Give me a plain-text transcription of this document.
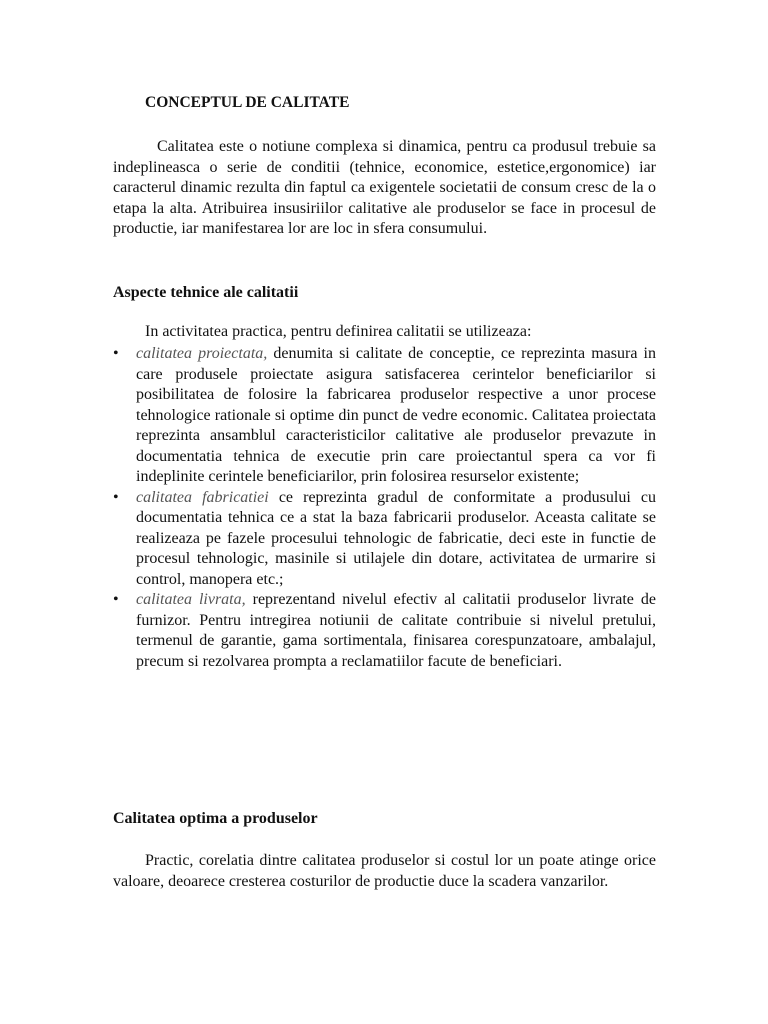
CONCEPTUL DE CALITATE

Calitatea este o notiune complexa si dinamica, pentru ca produsul trebuie sa indeplineasca o serie de conditii (tehnice, economice, estetice,ergonomice) iar caracterul dinamic rezulta din faptul ca exigentele societatii de consum cresc de la o etapa la alta. Atribuirea insusiriilor calitative ale produselor se face in procesul de productie, iar manifestarea lor are loc in sfera consumului.

Aspecte tehnice ale calitatii
In activitatea practica, pentru definirea calitatii se utilizeaza:
•
calitatea proiectata, denumita si calitate de conceptie, ce reprezinta masura in care produsele proiectate asigura satisfacerea cerintelor beneficiarilor si posibilitatea de folosire la fabricarea produselor respective a unor procese tehnologice rationale si optime din punct de vedre economic. Calitatea proiectata reprezinta ansamblul caracteristicilor calitative ale produselor prevazute in documentatia tehnica de executie prin care proiectantul spera ca vor fi indeplinite cerintele beneficiarilor, prin folosirea resurselor existente;
•
calitatea fabricatiei ce reprezinta gradul de conformitate a produsului cu documentatia tehnica ce a stat la baza fabricarii produselor. Aceasta calitate se realizeaza pe fazele procesului tehnologic de fabricatie, deci este in functie de procesul tehnologic, masinile si utilajele din dotare, activitatea de urmarire si control, manopera etc.;
•
calitatea livrata, reprezentand nivelul efectiv al calitatii produselor livrate de furnizor. Pentru intregirea notiunii de calitate contribuie si nivelul pretului, termenul de garantie, gama sortimentala, finisarea corespunzatoare, ambalajul, precum si rezolvarea prompta a reclamatiilor facute de beneficiari.
Calitatea optima a produselor

Practic, corelatia dintre calitatea produselor si costul lor un poate atinge orice valoare, deoarece cresterea costurilor de productie duce la scadera vanzarilor.
